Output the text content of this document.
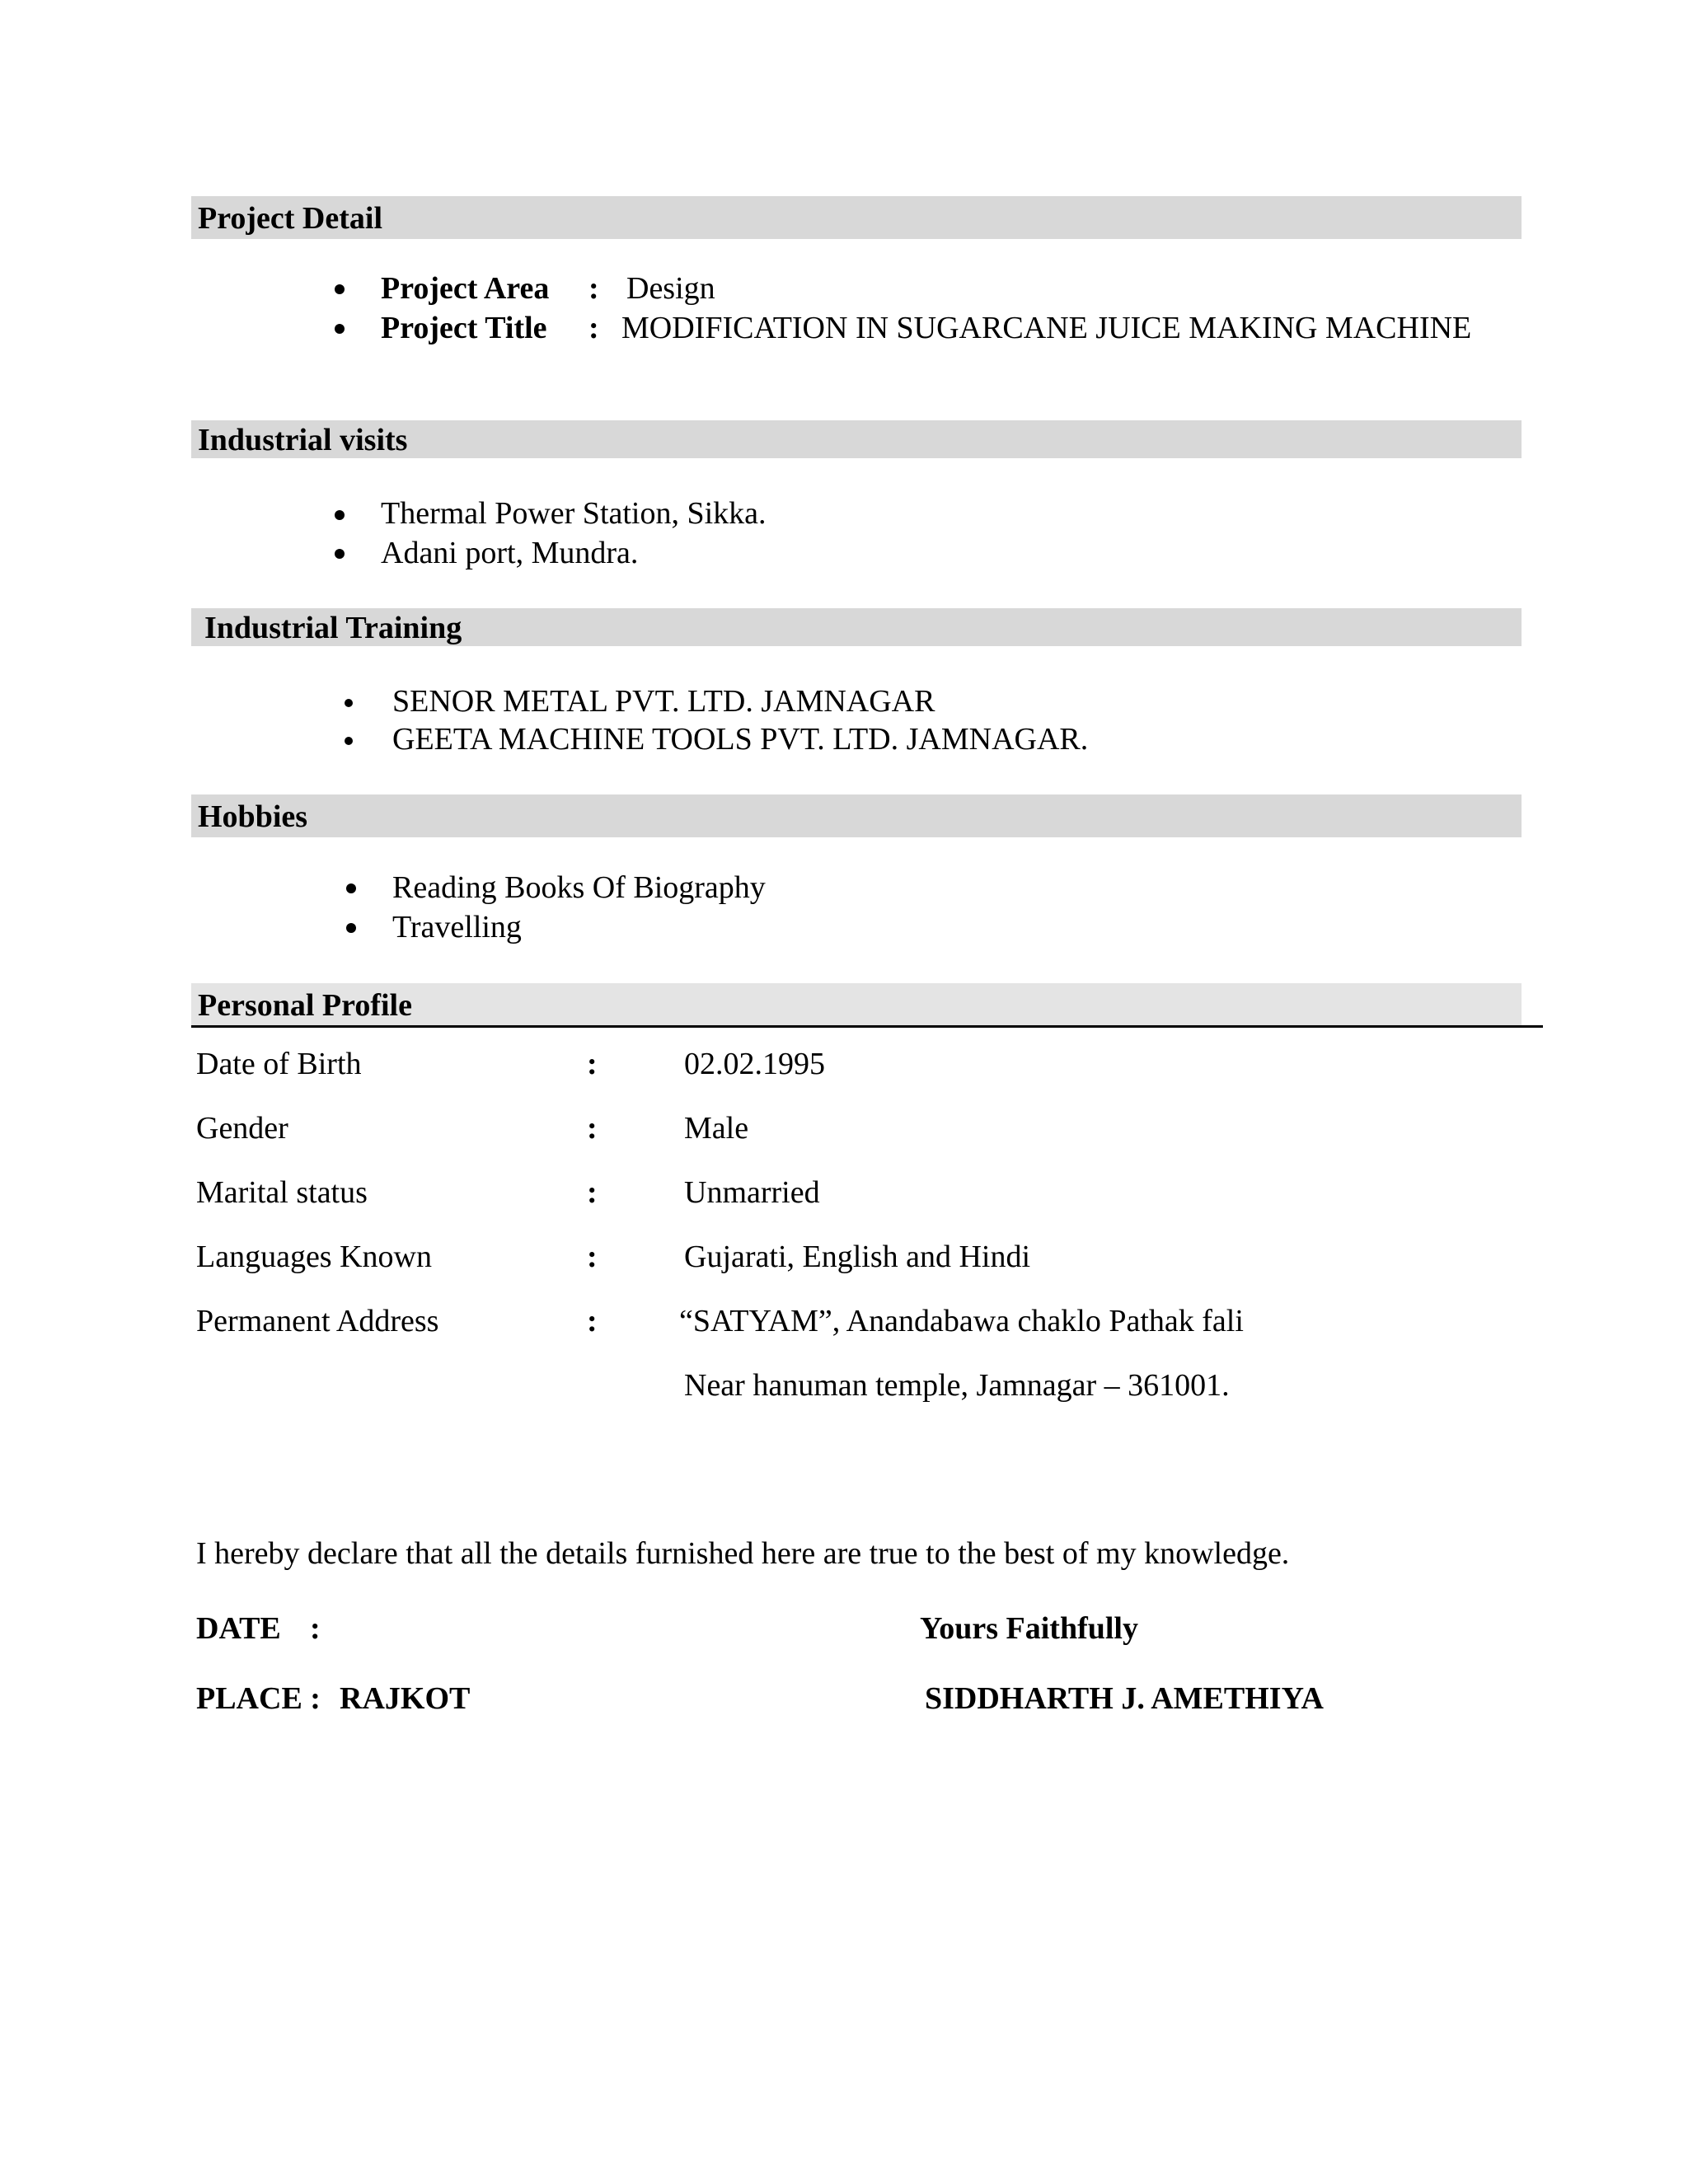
Project Detail
Project Area : Design
Project Title : MODIFICATION IN SUGARCANE JUICE MAKING MACHINE
Industrial visits
Thermal Power Station, Sikka.
Adani port, Mundra.
Industrial Training
SENOR METAL PVT. LTD. JAMNAGAR
GEETA MACHINE TOOLS PVT. LTD. JAMNAGAR.
Hobbies
Reading Books Of Biography
Travelling
Personal Profile
Date of Birth	:	02.02.1995
Gender	:	Male
Marital status	:	Unmarried
Languages Known	:	Gujarati, English and Hindi
Permanent Address	:	“SATYAM”, Anandabawa chaklo Pathak fali
Near hanuman temple, Jamnagar – 361001.
I hereby declare that all the details furnished here are true to the best of my knowledge.
DATE :	Yours Faithfully
PLACE : RAJKOT	SIDDHARTH J. AMETHIYA
